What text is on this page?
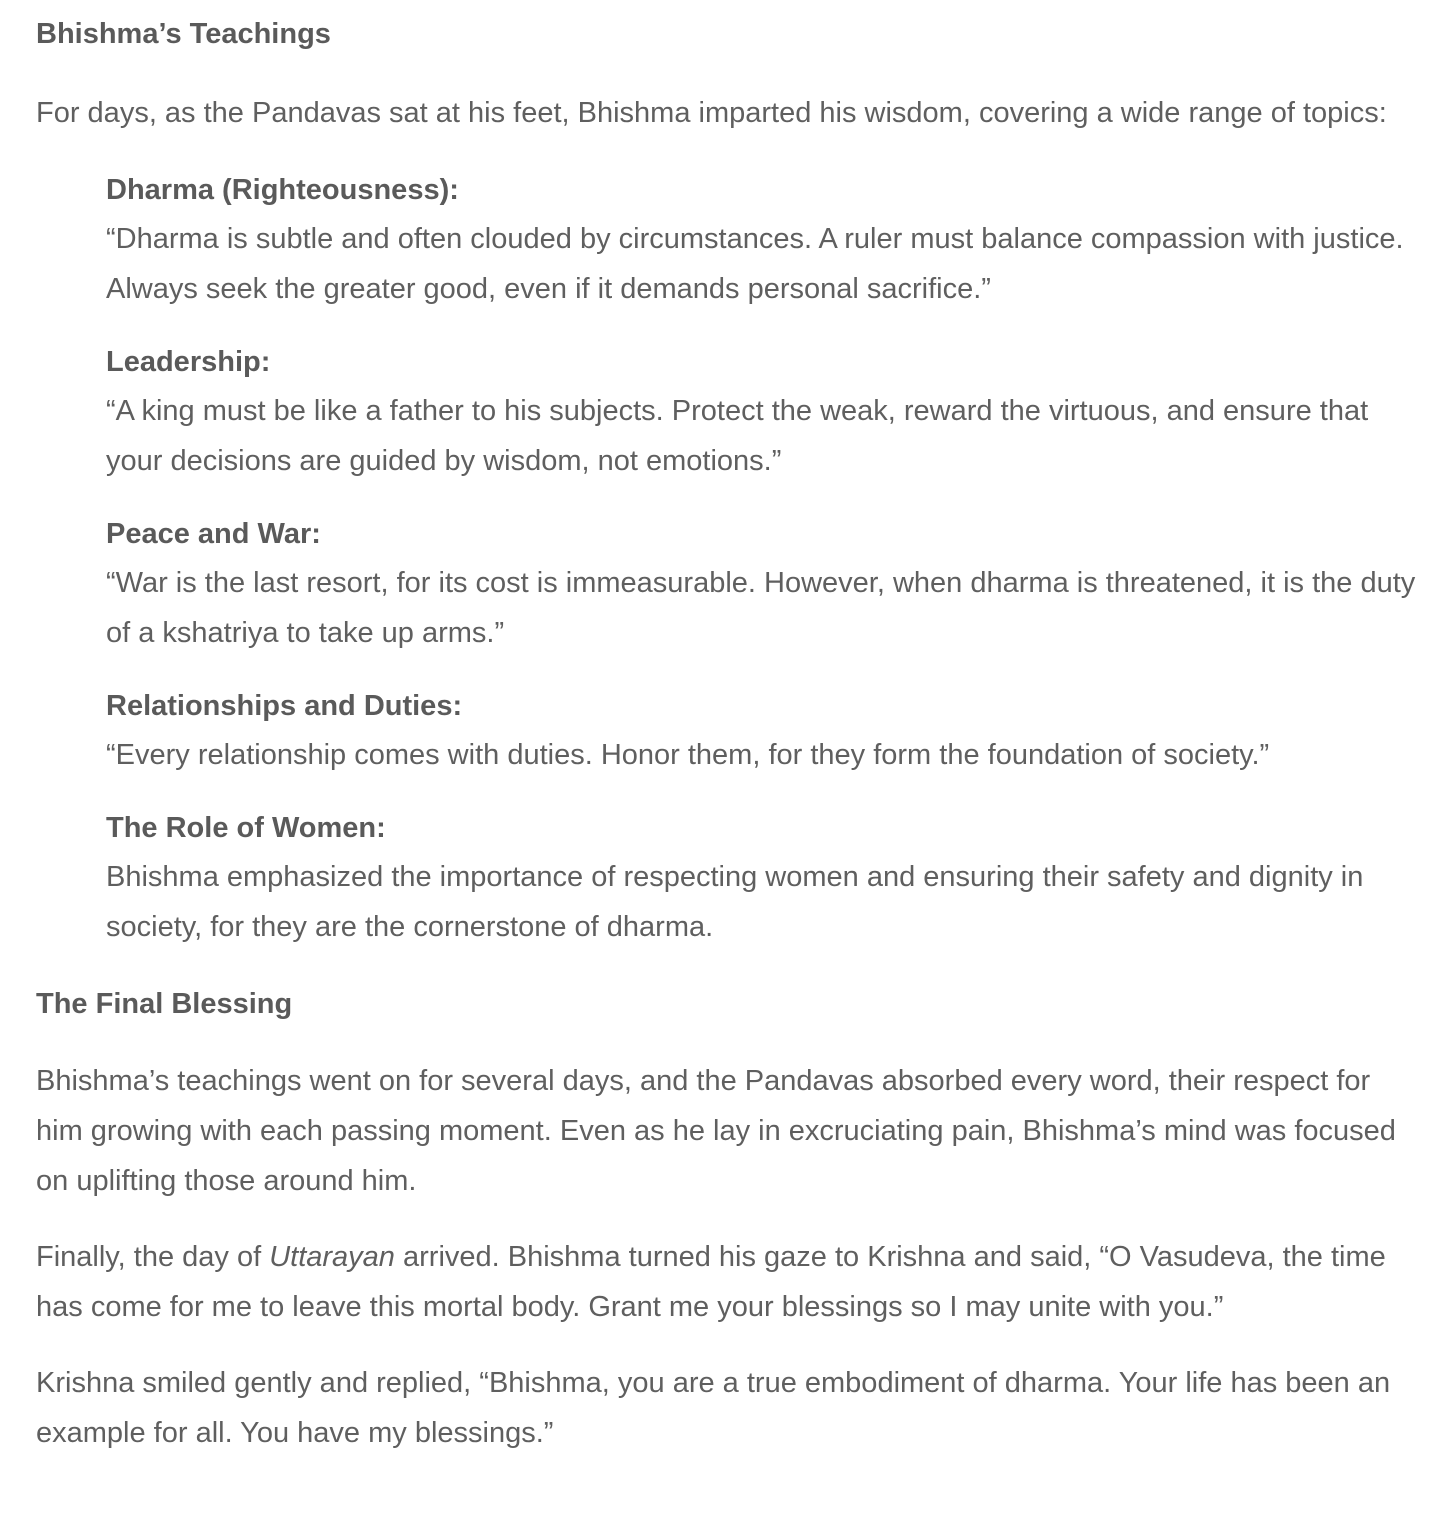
Bhishma’s Teachings

For days, as the Pandavas sat at his feet, Bhishma imparted his wisdom, covering a wide range of topics:

Dharma (Righteousness):
“Dharma is subtle and often clouded by circumstances. A ruler must balance compassion with justice. Always seek the greater good, even if it demands personal sacrifice.”
Leadership:
“A king must be like a father to his subjects. Protect the weak, reward the virtuous, and ensure that your decisions are guided by wisdom, not emotions.”
Peace and War:
“War is the last resort, for its cost is immeasurable. However, when dharma is threatened, it is the duty of a kshatriya to take up arms.”
Relationships and Duties:
“Every relationship comes with duties. Honor them, for they form the foundation of society.”
The Role of Women:
Bhishma emphasized the importance of respecting women and ensuring their safety and dignity in society, for they are the cornerstone of dharma.
The Final Blessing

Bhishma’s teachings went on for several days, and the Pandavas absorbed every word, their respect for him growing with each passing moment. Even as he lay in excruciating pain, Bhishma’s mind was focused on uplifting those around him.

Finally, the day of Uttarayan arrived. Bhishma turned his gaze to Krishna and said, “O Vasudeva, the time has come for me to leave this mortal body. Grant me your blessings so I may unite with you.”

Krishna smiled gently and replied, “Bhishma, you are a true embodiment of dharma. Your life has been an example for all. You have my blessings.”
